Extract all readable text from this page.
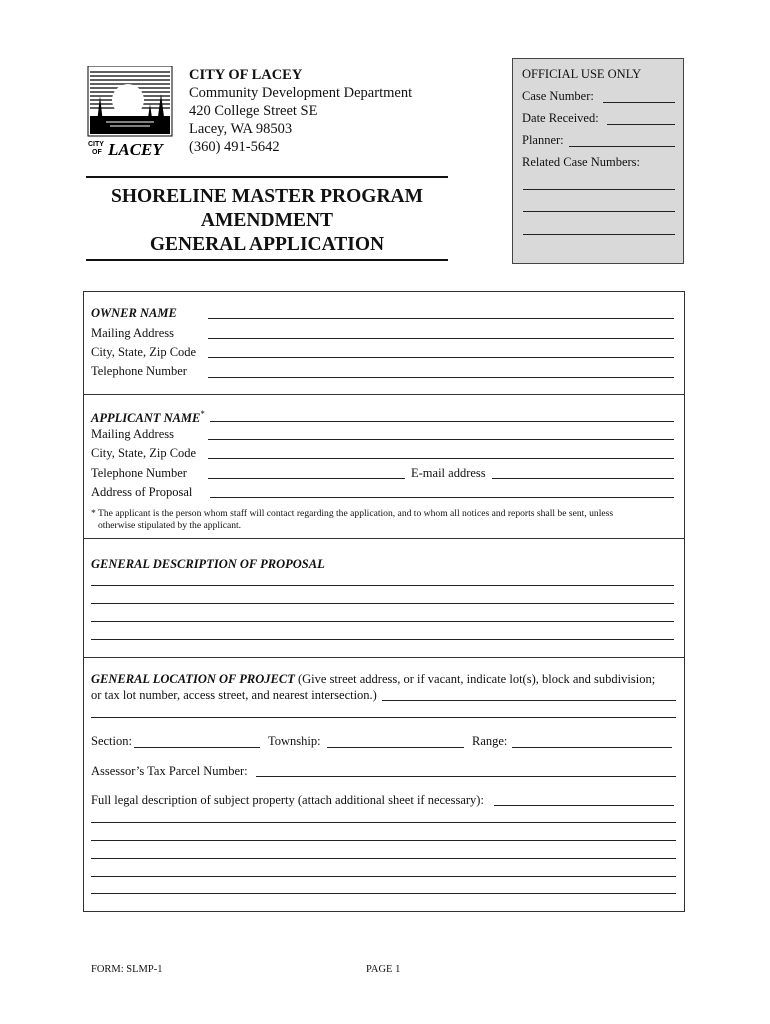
CITY
OF LACEY
CITY OF LACEY
Community Development Department
420 College Street SE
Lacey, WA 98503
(360) 491-5642
OFFICIAL USE ONLY
Case Number:
Date Received:
Planner:
Related Case Numbers:
SHORELINE MASTER PROGRAM
AMENDMENT
GENERAL APPLICATION
OWNER NAME
Mailing Address
City, State, Zip Code
Telephone Number
APPLICANT NAME*
Mailing Address
City, State, Zip Code
Telephone Number	E-mail address
Address of Proposal
* The applicant is the person whom staff will contact regarding the application, and to whom all notices and reports shall be sent, unless
otherwise stipulated by the applicant.
GENERAL DESCRIPTION OF PROPOSAL
GENERAL LOCATION OF PROJECT (Give street address, or if vacant, indicate lot(s), block and subdivision;
or tax lot number, access street, and nearest intersection.)
Section:	Township:	Range:
Assessor’s Tax Parcel Number:
Full legal description of subject property (attach additional sheet if necessary):
FORM: SLMP-1	PAGE 1
